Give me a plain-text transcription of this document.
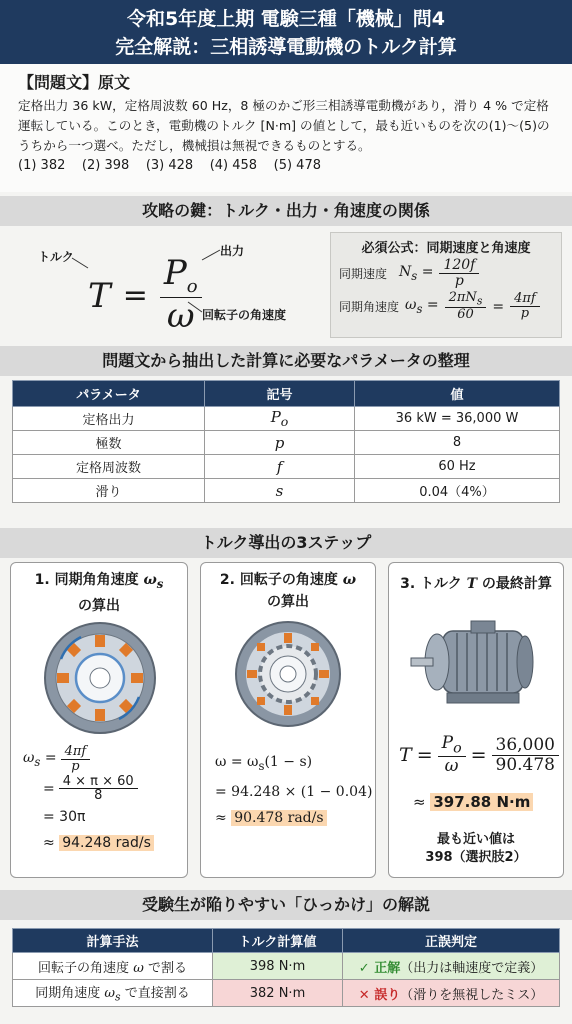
令和5年度上期 電験三種「機械」問4
完全解説：三相誘導電動機のトルク計算
【問題文】原文
定格出力 36 kW，定格周波数 60 Hz，8 極のかご形三相誘導電動機があり，滑り 4 % で定格運転している。このとき，電動機のトルク [N·m] の値として，最も近いものを次の(1)〜(5)のうちから一つ選べ。ただし，機械損は無視できるものとする。
(1) 382 (2) 398 (3) 428 (4) 458 (5) 478
攻略の鍵：トルク・出力・角速度の関係
トルク
$T = \frac{P_o}{\omega}$
出力
回転子の角速度
必須公式：同期速度と角速度
同期速度 $N_s = \frac{120f}{p}$
同期角速度 $\omega_s = \frac{2\pi N_s}{60} = \frac{4\pi f}{p}$
問題文から抽出した計算に必要なパラメータの整理
パラメータ	記号	値
定格出力	$P_o$	36 kW = 36,000 W
極数	p	8
定格周波数	f	60 Hz
滑り	s	0.04（4%）
トルク導出の3ステップ
1. 同期角角速度 $\omega_s$
の算出
$\omega_s = \frac{4\pi f}{p}$
= $\frac{4 \times \pi \times 60}{8}$
= 30π
≈ 94.248 rad/s
2. 回転子の角速度 ω
の算出
$\omega = \omega_s(1 - s)$
= 94.248 × (1 − 0.04)
≈ 90.478 rad/s
3. トルク T の最終計算
$T = \frac{P_o}{\omega} = \frac{36,000}{90.478}$
≈ 397.88 N·m
最も近い値は
398（選択肢2）
受験生が陥りやすい「ひっかけ」の解説
計算手法	トルク計算値	正誤判定
回転子の角速度 ω で割る	398 N·m	✓ 正解（出力は軸速度で定義）
同期角速度 $\omega_s$ で直接割る	382 N·m	✕ 誤り（滑りを無視したミス）
